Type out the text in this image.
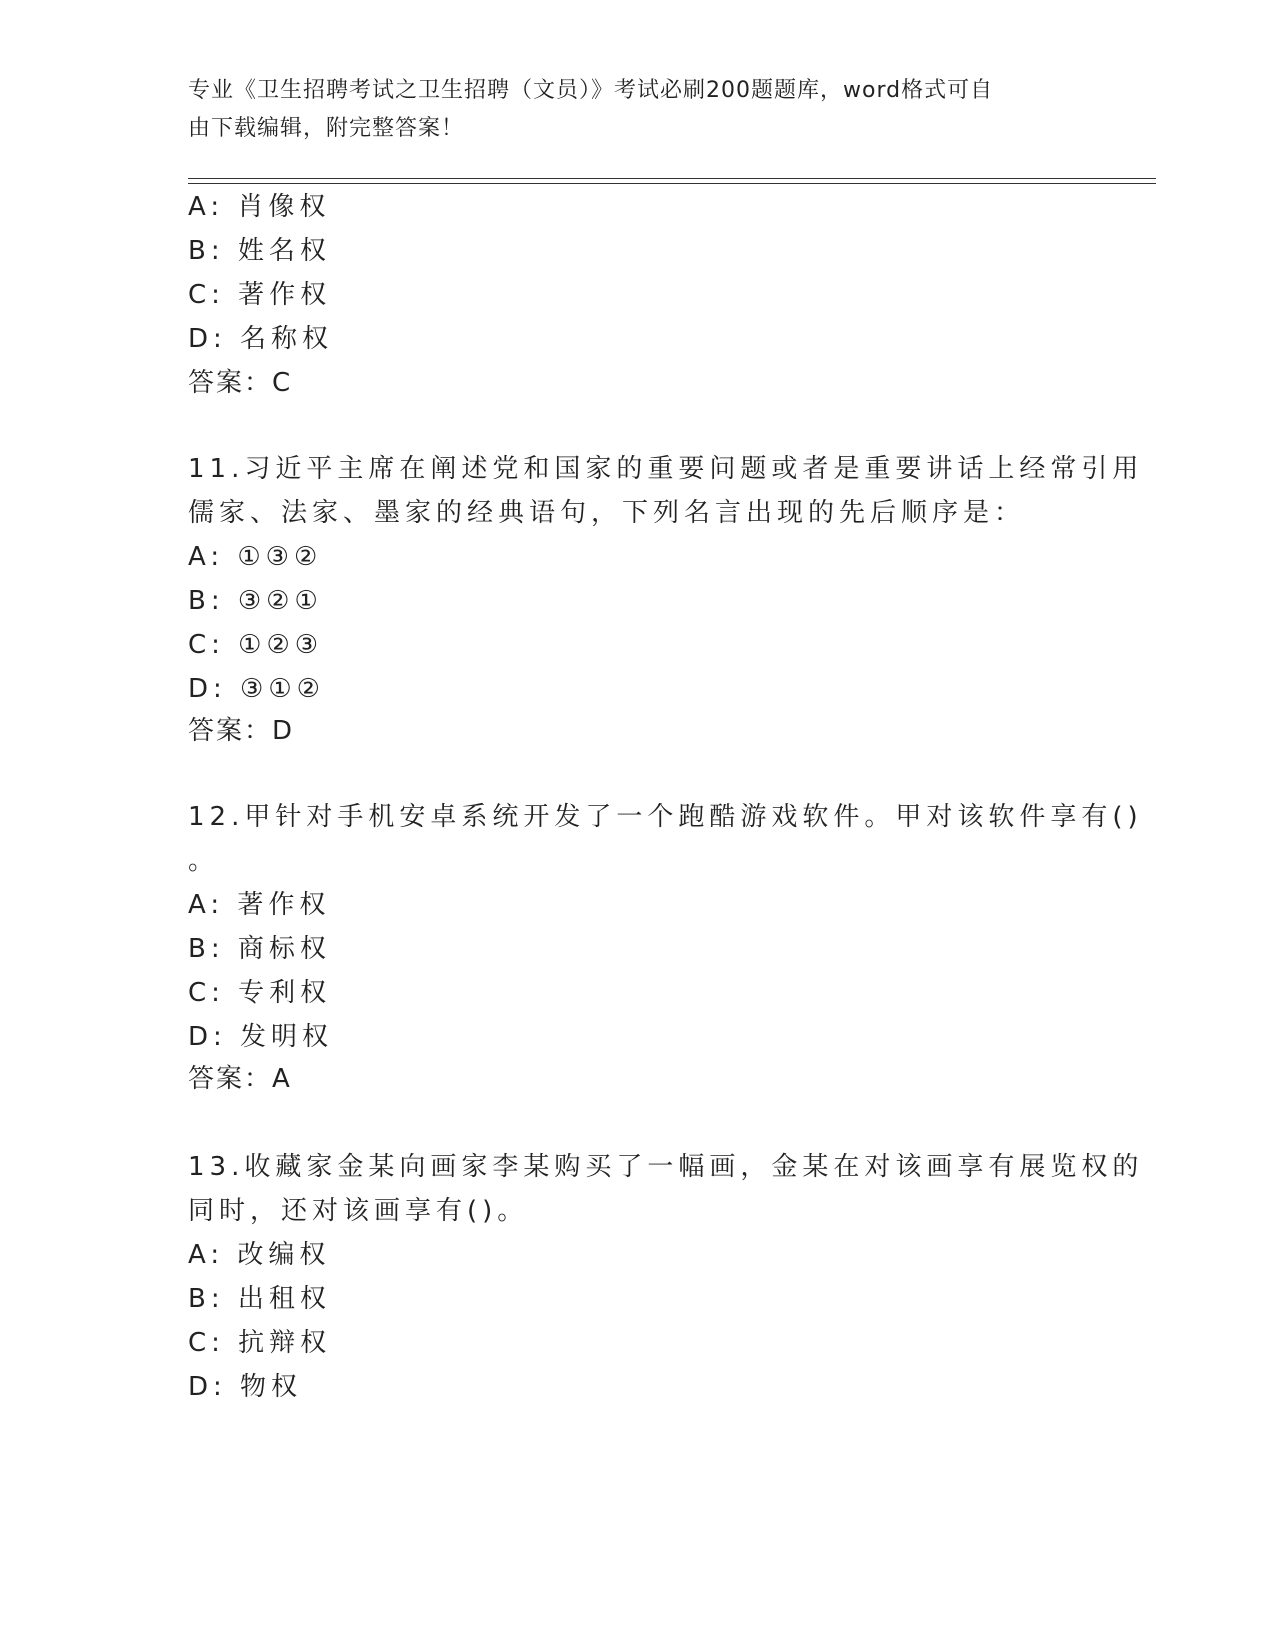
专业《卫生招聘考试之卫生招聘（文员）》考试必刷200题题库，word格式可自
由下载编辑，附完整答案！
A: 肖像权
B: 姓名权
C: 著作权
D: 名称权
答案：C
11.习近平主席在阐述党和国家的重要问题或者是重要讲话上经常引用
儒家、法家、墨家的经典语句，下列名言出现的先后顺序是：
A: ①③②
B: ③②①
C: ①②③
D: ③①②
答案：D
12.甲针对手机安卓系统开发了一个跑酷游戏软件。甲对该软件享有()
。
A: 著作权
B: 商标权
C: 专利权
D: 发明权
答案：A
13.收藏家金某向画家李某购买了一幅画，金某在对该画享有展览权的
同时，还对该画享有()。
A: 改编权
B: 出租权
C: 抗辩权
D: 物权
